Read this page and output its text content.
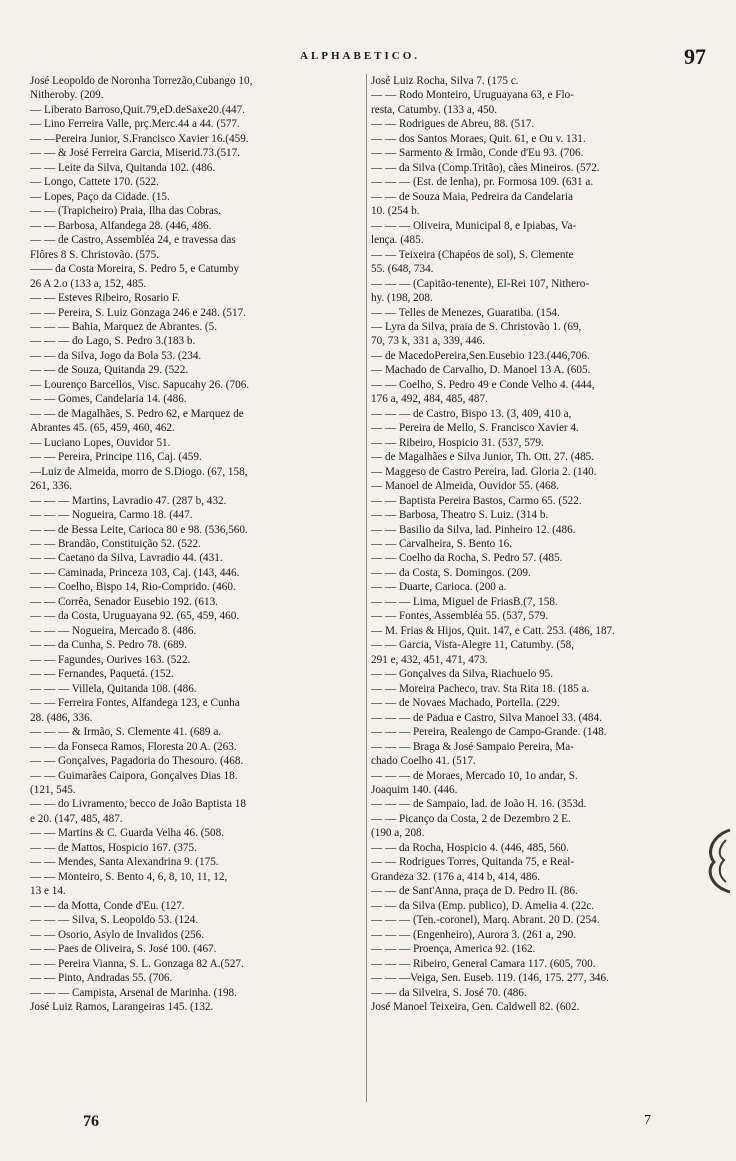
ALPHABETICO.	97
José Leopoldo de Noronha Torrezão,Cubango 10,
Nitheroby. (209.
— Liberato Barroso,Quit.79,eD.deSaxe20.(447.
— Lino Ferreira Valle, prç.Merc.44 a 44. (577.
— —Pereira Junior, S.Francisco Xavier 16.(459.
— — & José Ferreira Garcia, Miserid.73.(517.
— — Leite da Silva, Quitanda 102. (486.
— Longo, Cattete 170. (522.
— Lopes, Paço da Cidade. (15.
— — (Trapicheiro) Praia, Ilha das Cobras.
— — Barbosa, Alfandega 28. (446, 486.
— — de Castro, Assembléa 24, e travessa das
Flôres 8 S. Christovão. (575.
—— da Costa Moreira, S. Pedro 5, e Catumby
26 A 2.o (133 a, 152, 485.
— — Esteves Ribeiro, Rosario F.
— — Pereira, S. Luiz Gonzaga 246 e 248. (517.
— — — Bahia, Marquez de Abrantes. (5.
— — — do Lago, S. Pedro 3.(183 b.
— — da Silva, Jogo da Bola 53. (234.
— — de Souza, Quitanda 29. (522.
— Lourenço Barcellos, Visc. Sapucahy 26. (706.
— — Gomes, Candelaria 14. (486.
— — de Magalhães, S. Pedro 62, e Marquez de
Abrantes 45. (65, 459, 460, 462.
— Luciano Lopes, Ouvidor 51.
— — Pereira, Principe 116, Caj. (459.
—Luiz de Almeida, morro de S.Diogo. (67, 158,
261, 336.
— — — Martins, Lavradio 47. (287 b, 432.
— — — Nogueira, Carmo 18. (447.
— — de Bessa Leite, Carioca 80 e 98. (536,560.
— — Brandão, Constituição 52. (522.
— — Caetano da Silva, Lavradio 44. (431.
— — Caminada, Princeza 103, Caj. (143, 446.
— — Coelho, Bispo 14, Rio-Comprido. (460.
— — Corrêa, Senador Eusebio 192. (613.
— — da Costa, Uruguayana 92. (65, 459, 460.
— — — Nogueira, Mercado 8. (486.
— — da Cunha, S. Pedro 78. (689.
— — Fagundes, Ourives 163. (522.
— — Fernandes, Paquetá. (152.
— — — Villela, Quitanda 108. (486.
— — Ferreira Fontes, Alfandega 123, e Cunha
28. (486, 336.
— — — & Irmão, S. Clemente 41. (689 a.
— — da Fonseca Ramos, Floresta 20 A. (263.
— — Gonçalves, Pagadoria do Thesouro. (468.
— — Guimarães Caipora, Gonçalves Dias 18.
(121, 545.
— — do Livramento, becco de João Baptista 18
e 20. (147, 485, 487.
— — Martins & C. Guarda Velha 46. (508.
— — de Mattos, Hospicio 167. (375.
— — Mendes, Santa Alexandrina 9. (175.
— — Monteiro, S. Bento 4, 6, 8, 10, 11, 12,
13 e 14.
— — da Motta, Conde d'Eu. (127.
— — — Silva, S. Leopoldo 53. (124.
— — Osorio, Asylo de Invalidos (256.
— — Paes de Oliveira, S. José 100. (467.
— — Pereira Vianna, S. L. Gonzaga 82 A.(527.
— — Pinto, Andradas 55. (706.
— — — Campista, Arsenal de Marinha. (198.
José Luiz Ramos, Larangeiras 145. (132.
José Luiz Rocha, Silva 7. (175 c.
— — Rodo Monteiro, Uruguayana 63, e Flo-
resta, Catumby. (133 a, 450.
— — Rodrigues de Abreu, 88. (517.
— — dos Santos Moraes, Quit. 61, e Ou v. 131.
— — Sarmento & Irmão, Conde d'Eu 93. (706.
— — da Silva (Comp.Tritão), cães Mineiros. (572.
— — — (Est. de lenha), pr. Formosa 109. (631 a.
— — de Souza Maia, Pedreira da Candelaria
10. (254 b.
— — — Oliveira, Municipal 8, e Ipiabas, Va-
lença. (485.
— — Teixeira (Chapéos de sol), S. Clemente
55. (648, 734.
— — — (Capitão-tenente), El-Rei 107, Nithero-
hy. (198, 208.
— — Telles de Menezes, Guaratiba. (154.
— Lyra da Silva, praia de S. Christovão 1. (69,
70, 73 k, 331 a, 339, 446.
— de MacedoPereira,Sen.Eusebio 123.(446,706.
— Machado de Carvalho, D. Manoel 13 A. (605.
— — Coelho, S. Pedro 49 e Conde Velho 4. (444,
176 a, 492, 484, 485, 487.
— — — de Castro, Bispo 13. (3, 409, 410 a,
— — Pereira de Mello, S. Francisco Xavier 4.
— — Ribeiro, Hospicio 31. (537, 579.
— de Magalhães e Silva Junior, Th. Ott. 27. (485.
— Maggeso de Castro Pereira, lad. Gloria 2. (140.
— Manoel de Almeida, Ouvidor 55. (468.
— — Baptista Pereira Bastos, Carmo 65. (522.
— — Barbosa, Theatro S. Luiz. (314 b.
— — Basilio da Silva, lad. Pinheiro 12. (486.
— — Carvalheira, S. Bento 16.
— — Coelho da Rocha, S. Pedro 57. (485.
— — da Costa, S. Domingos. (209.
— — Duarte, Carioca. (200 a.
— — — Lima, Miguel de FriasB.(7, 158.
— — Fontes, Assembléa 55. (537, 579.
— M. Frias & Hijos, Quit. 147, e Catt. 253. (486, 187.
— — Garcia, Vista-Alegre 11, Catumby. (58,
291 e, 432, 451, 471, 473.
— — Gonçalves da Silva, Riachuelo 95.
— — Moreira Pacheco, trav. Sta Rita 18. (185 a.
— — de Novaes Machado, Portella. (229.
— — — de Padua e Castro, Silva Manoel 33. (484.
— — — Pereira, Realengo de Campo-Grande. (148.
— — — Braga & José Sampaio Pereira, Ma-
chado Coelho 41. (517.
— — — de Moraes, Mercado 10, 1o andar, S.
Joaquim 140. (446.
— — — de Sampaio, lad. de João H. 16. (353d.
— — Picanço da Costa, 2 de Dezembro 2 E.
(190 a, 208.
— — da Rocha, Hospicio 4. (446, 485, 560.
— — Rodrigues Torres, Quitanda 75, e Real-
Grandeza 32. (176 a, 414 b, 414, 486.
— — de Sant'Anna, praça de D. Pedro II. (86.
— — da Silva (Emp. publico), D. Amelia 4. (22c.
— — — (Ten.-coronel), Marq. Abrant. 20 D. (254.
— — — (Engenheiro), Aurora 3. (261 a, 290.
— — — Proença, America 92. (162.
— — — Ribeiro, General Camara 117. (605, 700.
— — —Veiga, Sen. Euseb. 119. (146, 175. 277, 346.
— — da Silveira, S. José 70. (486.
José Manoel Teixeira, Gen. Caldwell 82. (602.
76	7
